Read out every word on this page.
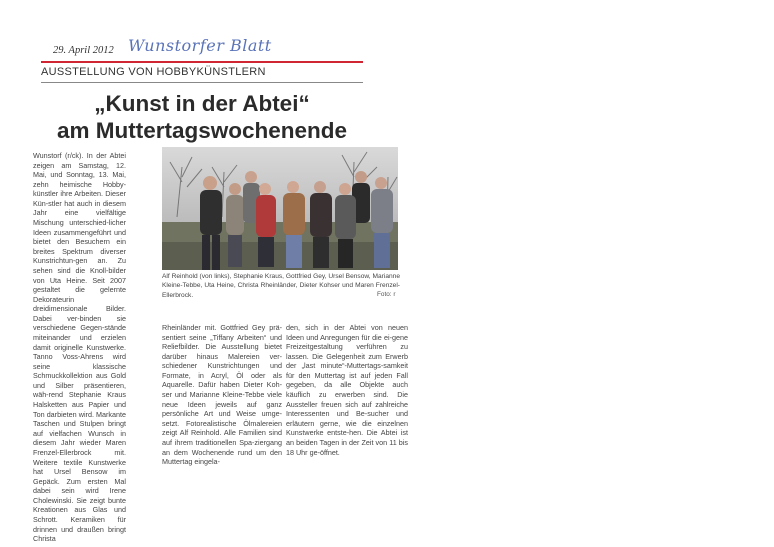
29. April 2012 Wunstorfer Blatt
AUSSTELLUNG VON HOBBYKÜNSTLERN
„Kunst in der Abtei“
am Muttertagswochenende

Wunstorf (r/ck). In der Abtei zeigen am Samstag, 12. Mai, und Sonntag, 13. Mai, zehn heimische Hobby-künstler ihre Arbeiten. Dieser Kün-stler hat auch in diesem Jahr eine vielfältige Mischung unterschied-licher Ideen zusammengeführt und bietet den Besuchern ein breites Spektrum diverser Kunstrichtun-gen an. Zu sehen sind die Knoll-bilder von Uta Heine. Seit 2007 gestaltet die gelernte Dekorateurin dreidimensionale Bilder. Dabei ver-binden sie verschiedene Gegen-stände miteinander und erzielen damit originelle Kunstwerke. Tanno Voss-Ahrens wird seine klassische Schmuckkollektion aus Gold und Silber präsentieren, wäh-rend Stephanie Kraus Halsketten aus Papier und Ton darbieten wird. Markante Taschen und Stulpen bringt auf vielfachen Wunsch in diesem Jahr wieder Maren Frenzel-Ellerbrock mit. Weitere textile Kunstwerke hat Ursel Bensow im Gepäck. Zum ersten Mal dabei sein wird Irene Cholewinski. Sie zeigt bunte Kreationen aus Glas und Schrott. Keramiken für drinnen und draußen bringt Christa

Alf Reinhold (von links), Stephanie Kraus, Gottfried Gey, Ursel Bensow, Marianne Kleine-Tebbe, Uta Heine, Christa Rheinländer, Dieter Kohser und Maren Frenzel-Ellerbrock.	Foto: r

Rheinländer mit. Gottfried Gey prä-sentiert seine „Tiffany Arbeiten“ und Reliefbilder. Die Ausstellung bietet darüber hinaus Malereien ver-schiedener Kunstrichtungen und Formate, in Acryl, Öl oder als Aquarelle. Dafür haben Dieter Koh-ser und Marianne Kleine-Tebbe viele neue Ideen jeweils auf ganz persönliche Art und Weise umge-setzt. Fotorealistische Ölmalereien zeigt Alf Reinhold. Alle Familien sind auf ihrem traditionellen Spa-ziergang an dem Wochenende rund um den Muttertag eingela-

den, sich in der Abtei von neuen Ideen und Anregungen für die ei-gene Freizeitgestaltung verführen zu lassen. Die Gelegenheit zum Erwerb der „last minute“-Muttertags-samkeit für den Muttertag ist auf jeden Fall gegeben, da alle Objekte auch käuflich zu erwerben sind. Die Aussteller freuen sich auf zahlreiche Interessenten und Be-sucher und erläutern gerne, wie die einzelnen Kunstwerke entste-hen. Die Abtei ist an beiden Tagen in der Zeit von 11 bis 18 Uhr ge-öffnet.
